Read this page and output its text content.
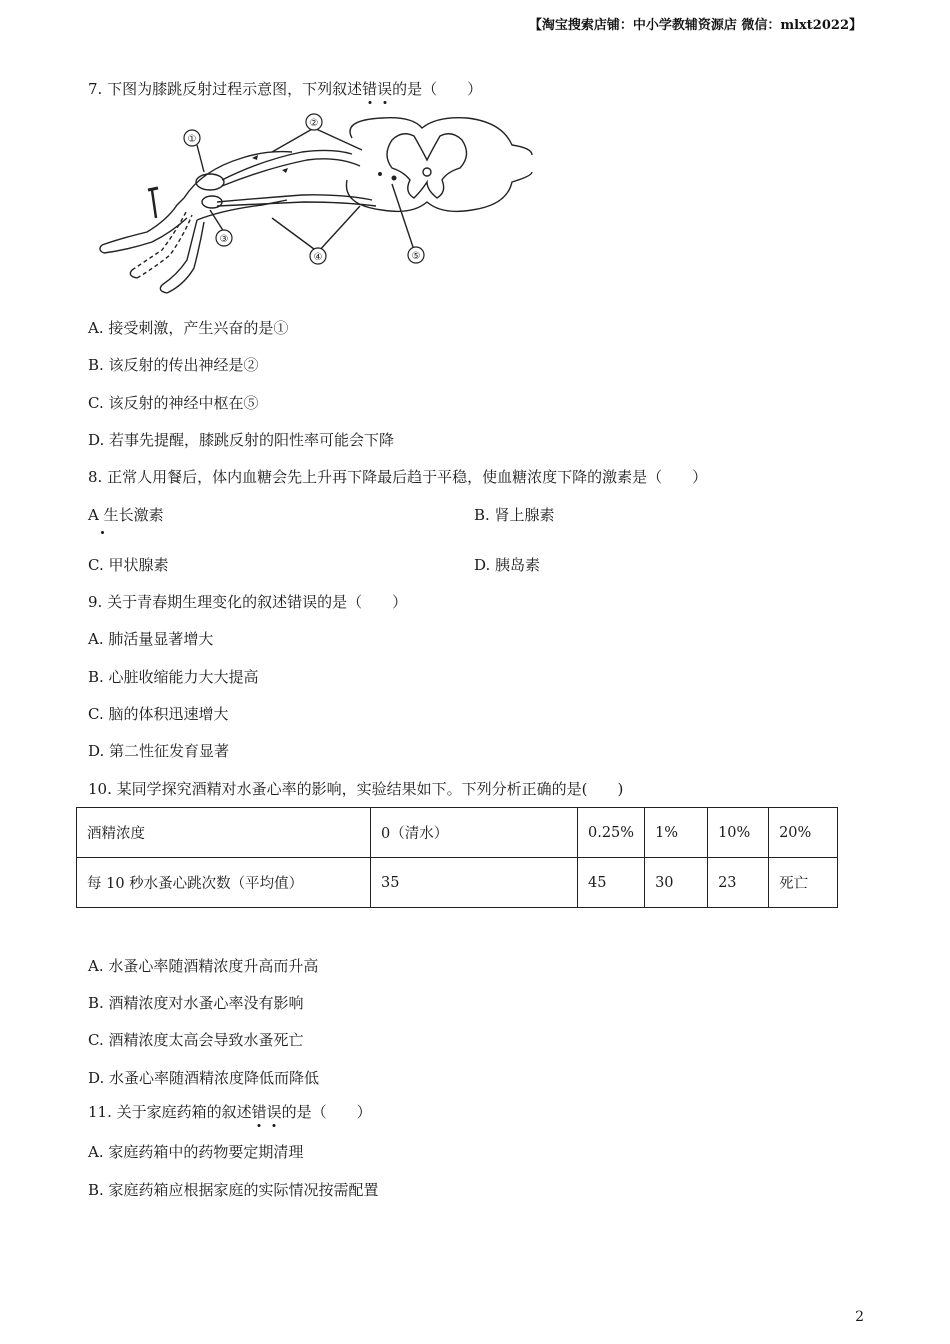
【淘宝搜索店铺：中小学教辅资源店 微信：mlxt2022】
7. 下图为膝跳反射过程示意图，下列叙述错误的是（　　）
①
②
③
④	⑤
A. 接受刺激，产生兴奋的是①
B. 该反射的传出神经是②
C. 该反射的神经中枢在⑤
D. 若事先提醒，膝跳反射的阳性率可能会下降
8. 正常人用餐后，体内血糖会先上升再下降最后趋于平稳，使血糖浓度下降的激素是（　　）
A 生长激素	B. 肾上腺素
C. 甲状腺素	D. 胰岛素
9. 关于青春期生理变化的叙述错误的是（　　）
A. 肺活量显著增大
B. 心脏收缩能力大大提高
C. 脑的体积迅速增大
D. 第二性征发育显著
10. 某同学探究酒精对水蚤心率的影响，实验结果如下。下列分析正确的是(　　)
酒精浓度	0（清水）	0.25%	1%	10%	20%
每 10 秒水蚤心跳次数（平均值）	35	45	30	23	死亡
A. 水蚤心率随酒精浓度升高而升高
B. 酒精浓度对水蚤心率没有影响
C. 酒精浓度太高会导致水蚤死亡
D. 水蚤心率随酒精浓度降低而降低
11. 关于家庭药箱的叙述错误的是（　　）
A. 家庭药箱中的药物要定期清理
B. 家庭药箱应根据家庭的实际情况按需配置
2
